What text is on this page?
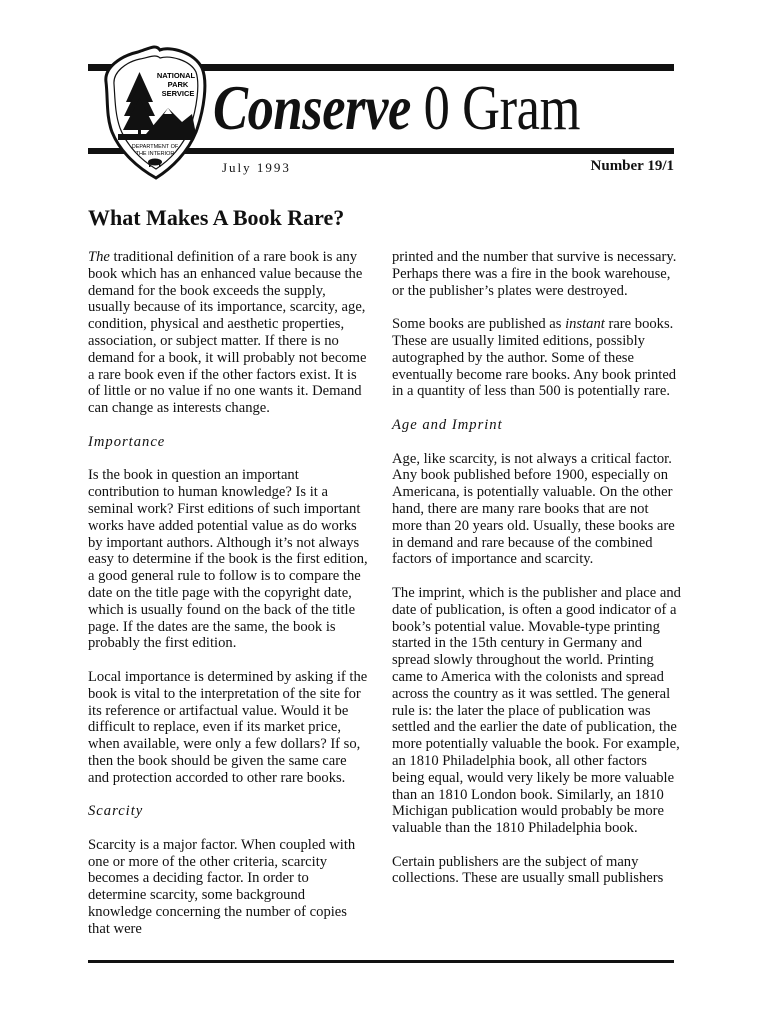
NATIONAL
PARK
SERVICE
DEPARTMENT OF
THE INTERIOR
Conserve 0 Gram
July 1993	Number 19/1
What Makes A Book Rare?

The traditional definition of a rare book is any book which has an enhanced value because the demand for the book exceeds the supply, usually because of its importance, scarcity, age, condition, physical and aesthetic properties, association, or subject matter. If there is no demand for a book, it will probably not become a rare book even if the other factors exist. It is of little or no value if no one wants it. Demand can change as interests change.

Importance

Is the book in question an important contribution to human knowledge? Is it a seminal work? First editions of such important works have added potential value as do works by important authors. Although it’s not always easy to determine if the book is the first edition, a good general rule to follow is to compare the date on the title page with the copyright date, which is usually found on the back of the title page. If the dates are the same, the book is probably the first edition.

Local importance is determined by asking if the book is vital to the interpretation of the site for its reference or artifactual value. Would it be difficult to replace, even if its market price, when available, were only a few dollars? If so, then the book should be given the same care and protection accorded to other rare books.

Scarcity

Scarcity is a major factor. When coupled with one or more of the other criteria, scarcity becomes a deciding factor. In order to determine scarcity, some background knowledge concerning the number of copies that were

printed and the number that survive is necessary. Perhaps there was a fire in the book warehouse, or the publisher’s plates were destroyed.

Some books are published as instant rare books. These are usually limited editions, possibly autographed by the author. Some of these eventually become rare books. Any book printed in a quantity of less than 500 is potentially rare.

Age and Imprint

Age, like scarcity, is not always a critical factor. Any book published before 1900, especially on Americana, is potentially valuable. On the other hand, there are many rare books that are not more than 20 years old. Usually, these books are in demand and rare because of the combined factors of importance and scarcity.

The imprint, which is the publisher and place and date of publication, is often a good indicator of a book’s potential value. Movable-type printing started in the 15th century in Germany and spread slowly throughout the world. Printing came to America with the colonists and spread across the country as it was settled. The general rule is: the later the place of publication was settled and the earlier the date of publication, the more potentially valuable the book. For example, an 1810 Philadelphia book, all other factors being equal, would very likely be more valuable than an 1810 London book. Similarly, an 1810 Michigan publication would probably be more valuable than the 1810 Philadelphia book.

Certain publishers are the subject of many collections. These are usually small publishers
